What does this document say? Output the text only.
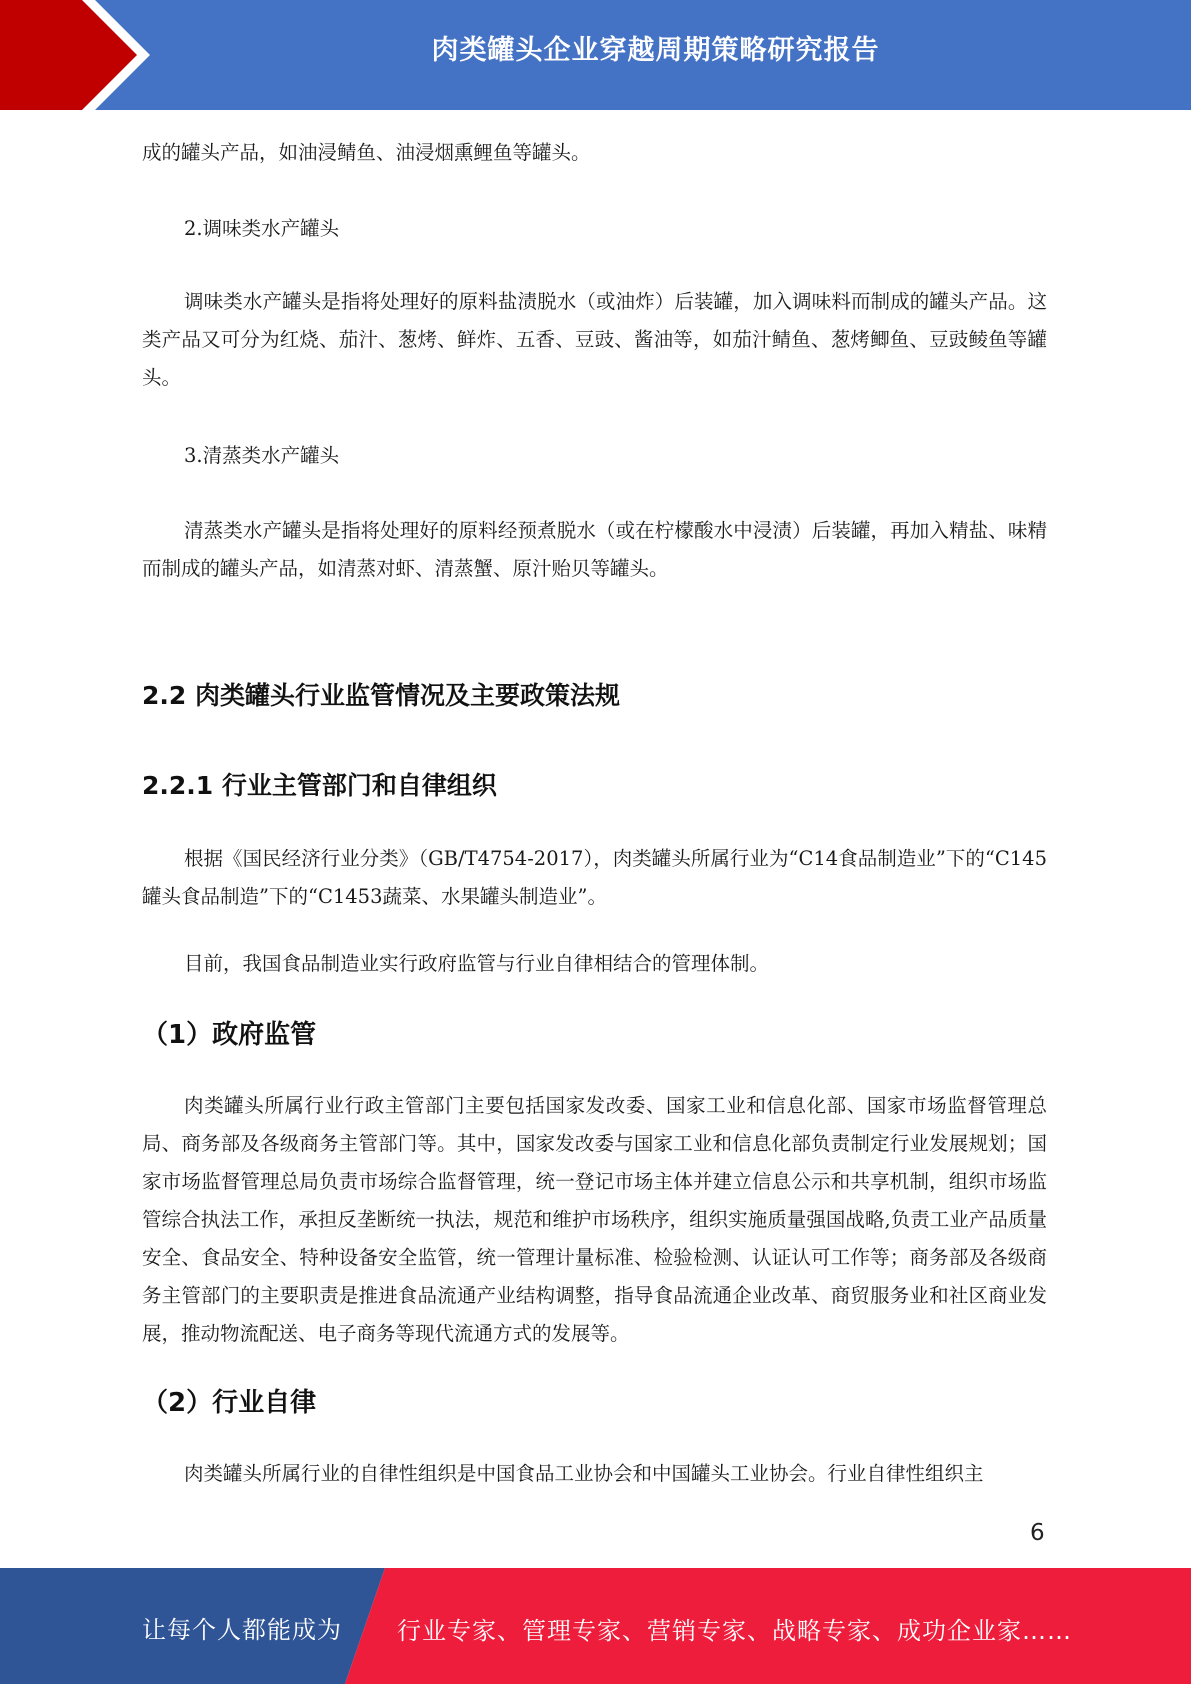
肉类罐头企业穿越周期策略研究报告

成的罐头产品，如油浸鲭鱼、油浸烟熏鲤鱼等罐头。

2.调味类水产罐头

调味类水产罐头是指将处理好的原料盐渍脱水（或油炸）后装罐，加入调味料而制成的罐头产品。这类产品又可分为红烧、茄汁、葱烤、鲜炸、五香、豆豉、酱油等，如茄汁鲭鱼、葱烤鲫鱼、豆豉鲮鱼等罐头。

3.清蒸类水产罐头

清蒸类水产罐头是指将处理好的原料经预煮脱水（或在柠檬酸水中浸渍）后装罐，再加入精盐、味精而制成的罐头产品，如清蒸对虾、清蒸蟹、原汁贻贝等罐头。

2.2 肉类罐头行业监管情况及主要政策法规
2.2.1 行业主管部门和自律组织

根据《国民经济行业分类》（GB/T4754-2017），肉类罐头所属行业为“C14食品制造业”下的“C145罐头食品制造”下的“C1453蔬菜、水果罐头制造业”。

目前，我国食品制造业实行政府监管与行业自律相结合的管理体制。

（1）政府监管

肉类罐头所属行业行政主管部门主要包括国家发改委、国家工业和信息化部、国家市场监督管理总局、商务部及各级商务主管部门等。其中，国家发改委与国家工业和信息化部负责制定行业发展规划；国家市场监督管理总局负责市场综合监督管理，统一登记市场主体并建立信息公示和共享机制，组织市场监管综合执法工作，承担反垄断统一执法，规范和维护市场秩序，组织实施质量强国战略,负责工业产品质量安全、食品安全、特种设备安全监管，统一管理计量标准、检验检测、认证认可工作等；商务部及各级商务主管部门的主要职责是推进食品流通产业结构调整，指导食品流通企业改革、商贸服务业和社区商业发展，推动物流配送、电子商务等现代流通方式的发展等。

（2）行业自律

肉类罐头所属行业的自律性组织是中国食品工业协会和中国罐头工业协会。行业自律性组织主

6
让每个人都能成为 行业专家、管理专家、营销专家、战略专家、成功企业家……
